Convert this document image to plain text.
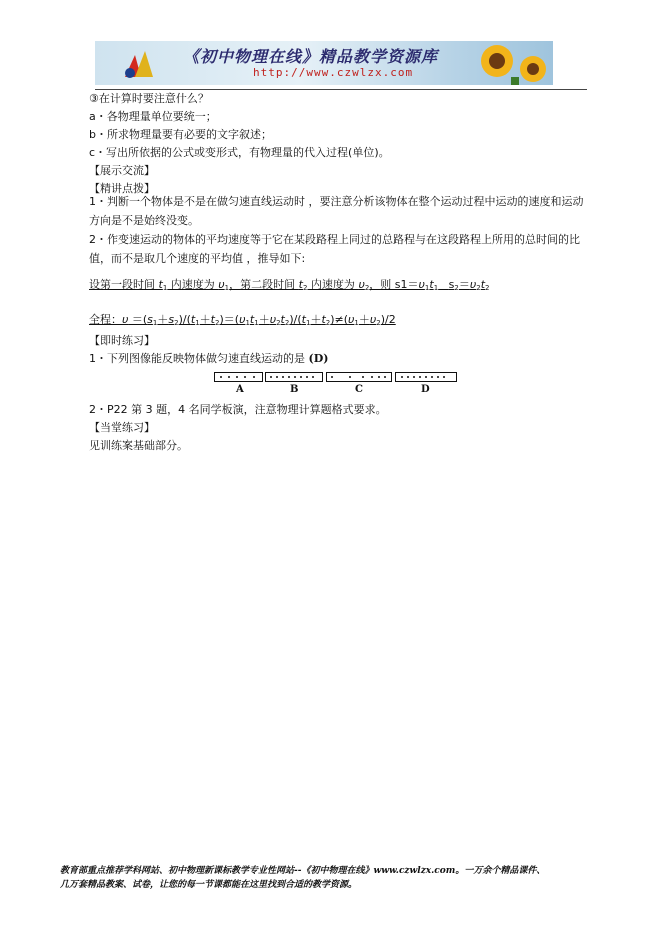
《初中物理在线》精品教学资源库
http://www.czwlzx.com
③在计算时要注意什么？
a・各物理量单位要统一；
b・所求物理量要有必要的文字叙述；
c・写出所依据的公式或变形式，有物理量的代入过程(单位)。
【展示交流】
【精讲点拨】
1・判断一个物体是不是在做匀速直线运动时 ，要注意分析该物体在整个运动过程中运动的速度和运动方向是不是始终没变。
2・作变速运动的物体的平均速度等于它在某段路程上同过的总路程与在这段路程上所用的总时间的比值，而不是取几个速度的平均值 ，推导如下:
设第一段时间 $t_1$ 内速度为 $\upsilon_1$，第二段时间 $t_2$ 内速度为 $\upsilon_2$，则 $s1=\upsilon_1t_1$ $s_2=\upsilon_2t_2$
全程：$\upsilon =(s_1+s_2)/(t_1+t_2)=(\upsilon_1t_1+\upsilon_2t_2)/(t_1+t_2)\ne(\upsilon_1+\upsilon_2)/2$
【即时练习】
1・下列图像能反映物体做匀速直线运动的是 (D)
A	B	C	D
2・P22 第 3 题，4 名同学板演，注意物理计算题格式要求。
【当堂练习】
见训练案基础部分。
教育部重点推荐学科网站、初中物理新课标教学专业性网站--《初中物理在线》www.czwlzx.com。一万余个精品课件、
几万套精品教案、试卷，让您的每一节课都能在这里找到合适的教学资源。
